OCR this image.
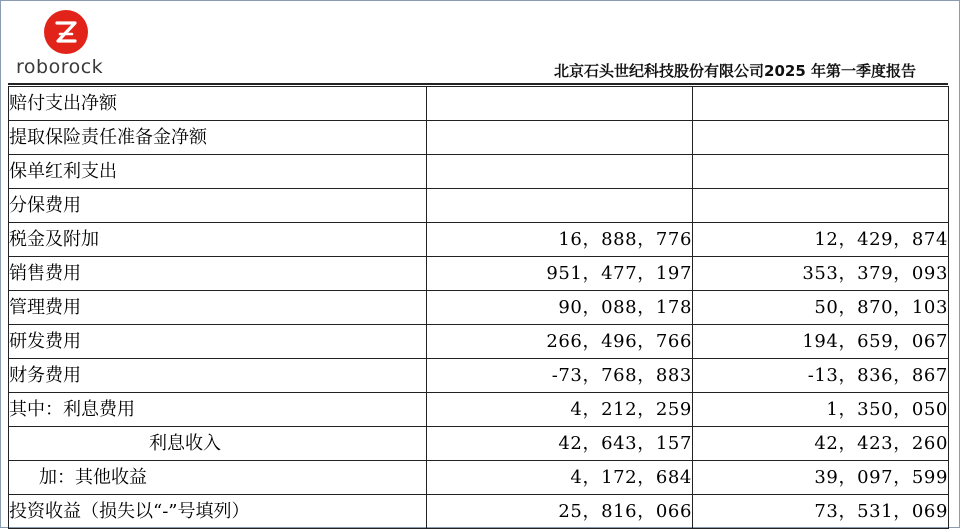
roborock	北京石头世纪科技股份有限公司2025 年第一季度报告
赔付支出净额		
提取保险责任准备金净额		
保单红利支出		
分保费用		
税金及附加	16，888，776	12，429，874
销售费用	951，477，197	353，379，093
管理费用	90，088，178	50，870，103
研发费用	266，496，766	194，659，067
财务费用	-73，768，883	-13，836，867
其中：利息费用	4，212，259	1，350，050
利息收入	42，643，157	42，423，260
加：其他收益	4，172，684	39，097，599
投资收益（损失以“-”号填列）	25，816，066	73，531，069
